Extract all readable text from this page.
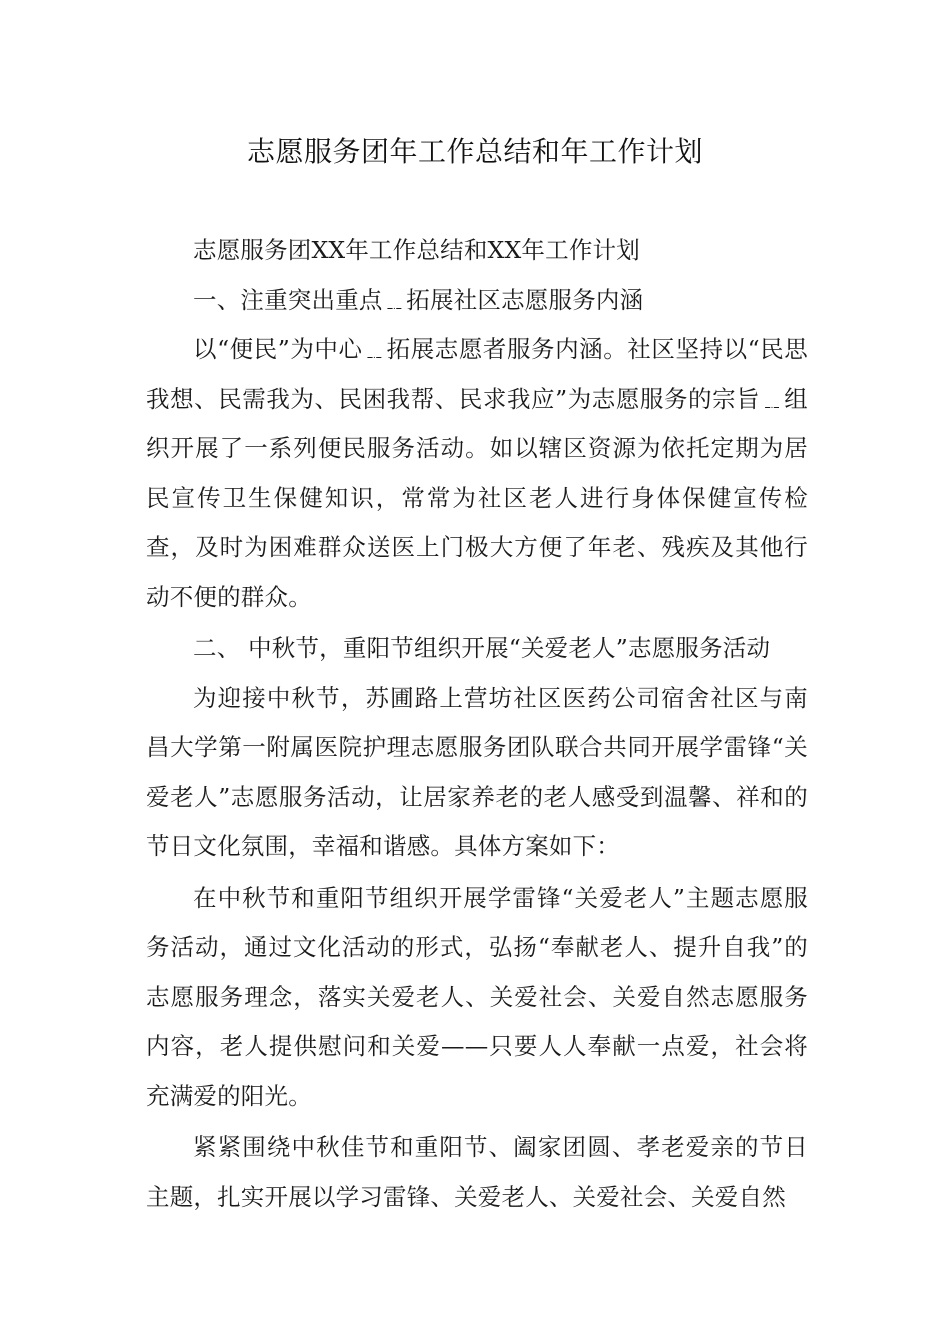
志愿服务团年工作总结和年工作计划

志愿服务团XX年工作总结和XX年工作计划

一、注重突出重点﹎拓展社区志愿服务内涵

以“便民”为中心﹎拓展志愿者服务内涵。社区坚持以“民思我想、民需我为、民困我帮、民求我应”为志愿服务的宗旨﹎组织开展了一系列便民服务活动。如以辖区资源为依托定期为居民宣传卫生保健知识，常常为社区老人进行身体保健宣传检查，及时为困难群众送医上门极大方便了年老、残疾及其他行动不便的群众。

二、 中秋节，重阳节组织开展“关爱老人”志愿服务活动

为迎接中秋节，苏圃路上营坊社区医药公司宿舍社区与南昌大学第一附属医院护理志愿服务团队联合共同开展学雷锋“关爱老人”志愿服务活动，让居家养老的老人感受到温馨、祥和的节日文化氛围，幸福和谐感。具体方案如下：

在中秋节和重阳节组织开展学雷锋“关爱老人”主题志愿服务活动，通过文化活动的形式，弘扬“奉献老人、提升自我”的志愿服务理念，落实关爱老人、关爱社会、关爱自然志愿服务内容，老人提供慰问和关爱——只要人人奉献一点爱，社会将充满爱的阳光。

紧紧围绕中秋佳节和重阳节、阖家团圆、孝老爱亲的节日主题，扎实开展以学习雷锋、关爱老人、关爱社会、关爱自然
